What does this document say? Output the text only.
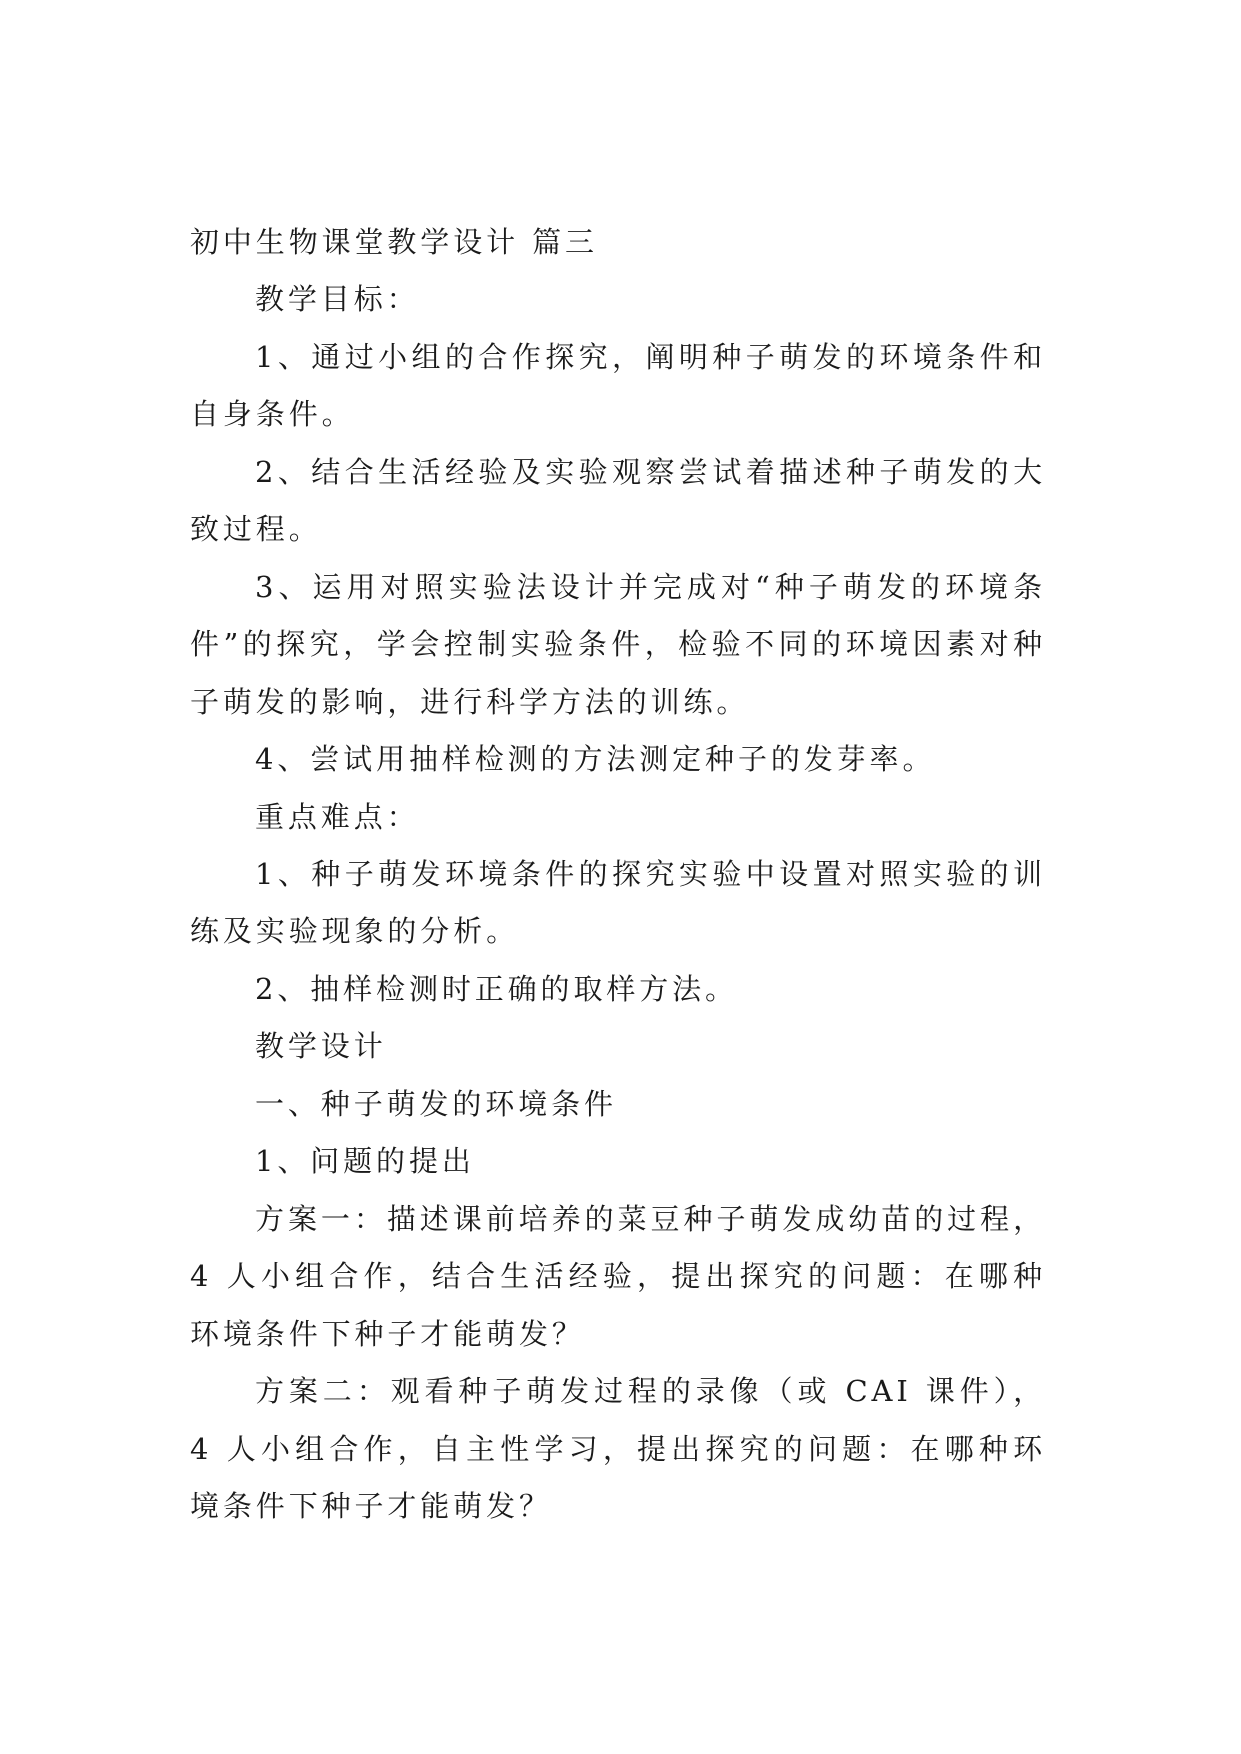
初中生物课堂教学设计 篇三

教学目标：

1、通过小组的合作探究，阐明种子萌发的环境条件和自身条件。

2、结合生活经验及实验观察尝试着描述种子萌发的大致过程。

3、运用对照实验法设计并完成对“种子萌发的环境条件”的探究，学会控制实验条件，检验不同的环境因素对种子萌发的影响，进行科学方法的训练。

4、尝试用抽样检测的方法测定种子的发芽率。

重点难点：

1、种子萌发环境条件的探究实验中设置对照实验的训练及实验现象的分析。

2、抽样检测时正确的取样方法。

教学设计

一、种子萌发的环境条件

1、问题的提出

方案一：描述课前培养的菜豆种子萌发成幼苗的过程，4 人小组合作，结合生活经验，提出探究的问题：在哪种环境条件下种子才能萌发？

方案二：观看种子萌发过程的录像（或 CAI 课件），4 人小组合作，自主性学习，提出探究的问题：在哪种环境条件下种子才能萌发？
